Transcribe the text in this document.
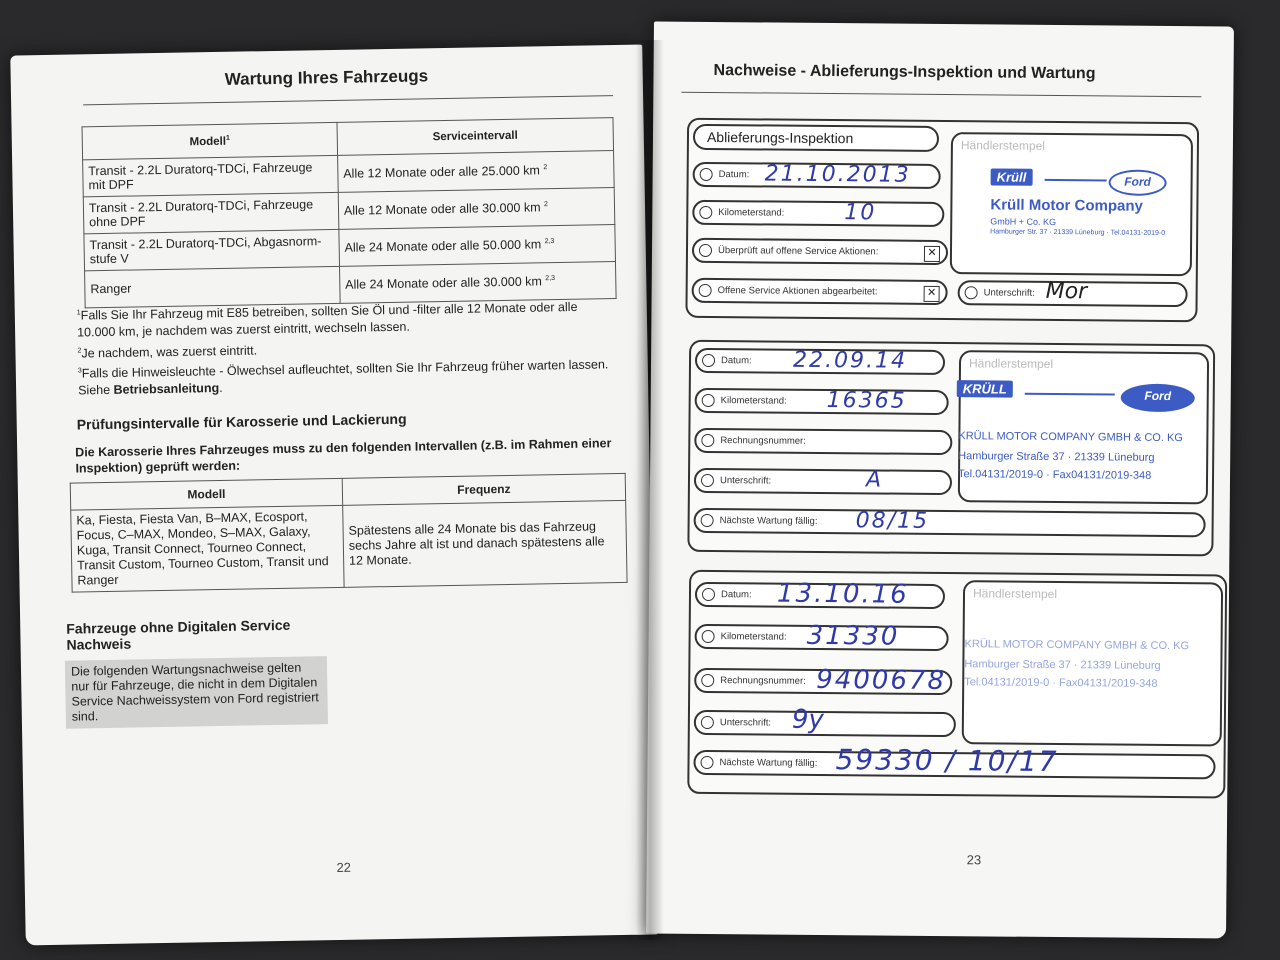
Wartung Ihres Fahrzeugs
Modell$^1$	Serviceintervall
Transit - 2.2L Duratorq-TDCi, Fahrzeuge mit DPF	Alle 12 Monate oder alle 25.000 km $^2$
Transit - 2.2L Duratorq-TDCi, Fahrzeuge ohne DPF	Alle 12 Monate oder alle 30.000 km $^2$
Transit - 2.2L Duratorq-TDCi, Abgasnorm-stufe V	Alle 24 Monate oder alle 50.000 km $^{2,3}$
Ranger	Alle 24 Monate oder alle 30.000 km $^{2,3}$
$^1$Falls Sie Ihr Fahrzeug mit E85 betreiben, sollten Sie Öl und -filter alle 12 Monate oder alle 10.000 km, je nachdem was zuerst eintritt, wechseln lassen.
$^2$Je nachdem, was zuerst eintritt.
$^3$Falls die Hinweisleuchte - Ölwechsel aufleuchtet, sollten Sie Ihr Fahrzeug früher warten lassen. Siehe Betriebsanleitung.
Prüfungsintervalle für Karosserie und Lackierung
Die Karosserie Ihres Fahrzeuges muss zu den folgenden Intervallen (z.B. im Rahmen einer Inspektion) geprüft werden:
Modell	Frequenz
Ka, Fiesta, Fiesta Van, B–MAX, Ecosport, Focus, C–MAX, Mondeo, S–MAX, Galaxy, Kuga, Transit Connect, Tourneo Connect, Transit Custom, Tourneo Custom, Transit und Ranger	Spätestens alle 24 Monate bis das Fahrzeug sechs Jahre alt ist und danach spätestens alle 12 Monate.
Fahrzeuge ohne Digitalen Service Nachweis
Die folgenden Wartungsnachweise gelten nur für Fahrzeuge, die nicht in dem Digitalen Service Nachweissystem von Ford registriert sind.
22
Nachweise - Ablieferungs-Inspektion und Wartung
Ablieferungs-Inspektion
Datum: 21.10.2013
Kilometerstand:	10
Überprüft auf offene Service Aktionen:	✕
Offene Service Aktionen abgearbeitet:	✕
Händlerstempel
Krüll	Ford
Krüll Motor Company
GmbH + Co. KG
Hamburger Str. 37 · 21339 Lüneburg · Tel.04131-2019-0
Unterschrift: Mor
Datum: 22.09.14
Kilometerstand: 16365
Rechnungsnummer:
Unterschrift:	A
Nächste Wartung fällig: 08/15
Händlerstempel
KRÜLL	Ford
KRÜLL MOTOR COMPANY GMBH & CO. KG
Hamburger Straße 37 · 21339 Lüneburg
Tel.04131/2019-0 · Fax04131/2019-348
Datum: 13.10.16
Kilometerstand: 31330
Rechnungsnummer: 9400678
Unterschrift: 9y
Nächste Wartung fällig: 59330 / 10/17
Händlerstempel
KRÜLL MOTOR COMPANY GMBH & CO. KG
Hamburger Straße 37 · 21339 Lüneburg
Tel.04131/2019-0 · Fax04131/2019-348
23
